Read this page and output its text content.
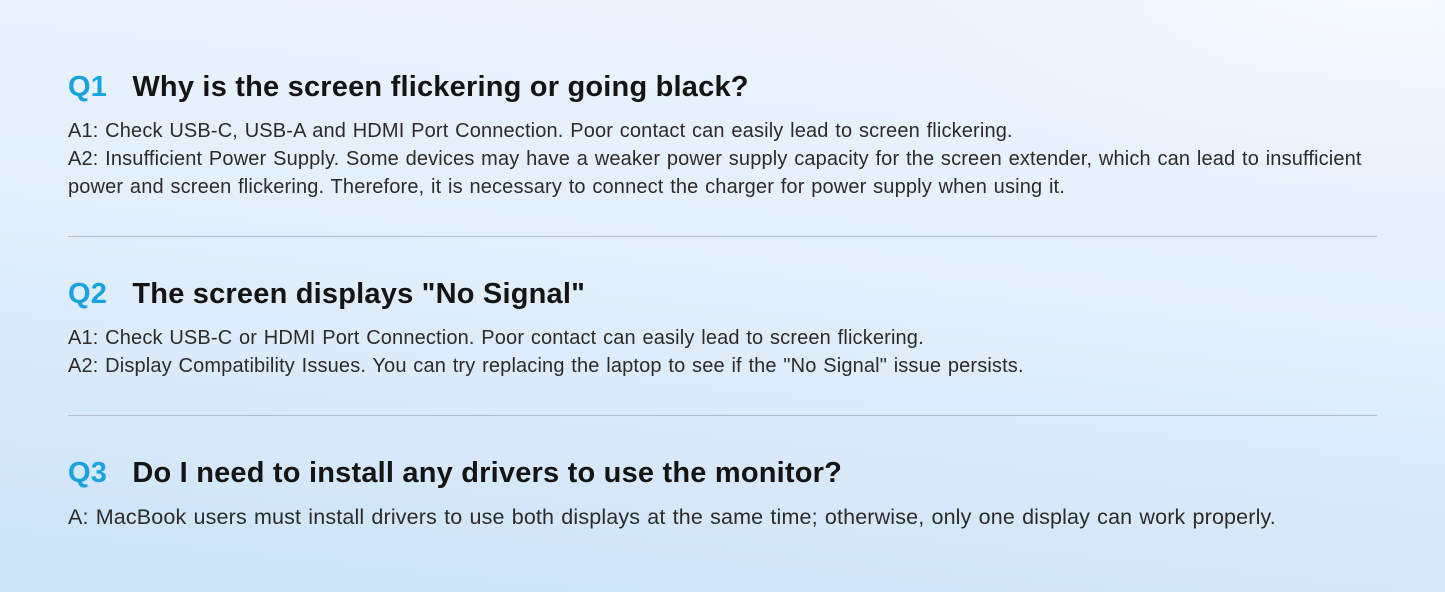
Q1 Why is the screen flickering or going black?

A1: Check USB-C, USB-A and HDMI Port Connection. Poor contact can easily lead to screen flickering.

A2: Insufficient Power Supply. Some devices may have a weaker power supply capacity for the screen extender, which can lead to insufficient power and screen flickering. Therefore, it is necessary to connect the charger for power supply when using it.

Q2 The screen displays "No Signal"

A1: Check USB-C or HDMI Port Connection. Poor contact can easily lead to screen flickering.

A2: Display Compatibility Issues. You can try replacing the laptop to see if the "No Signal" issue persists.

Q3 Do I need to install any drivers to use the monitor?

A: MacBook users must install drivers to use both displays at the same time; otherwise, only one display can work properly.
